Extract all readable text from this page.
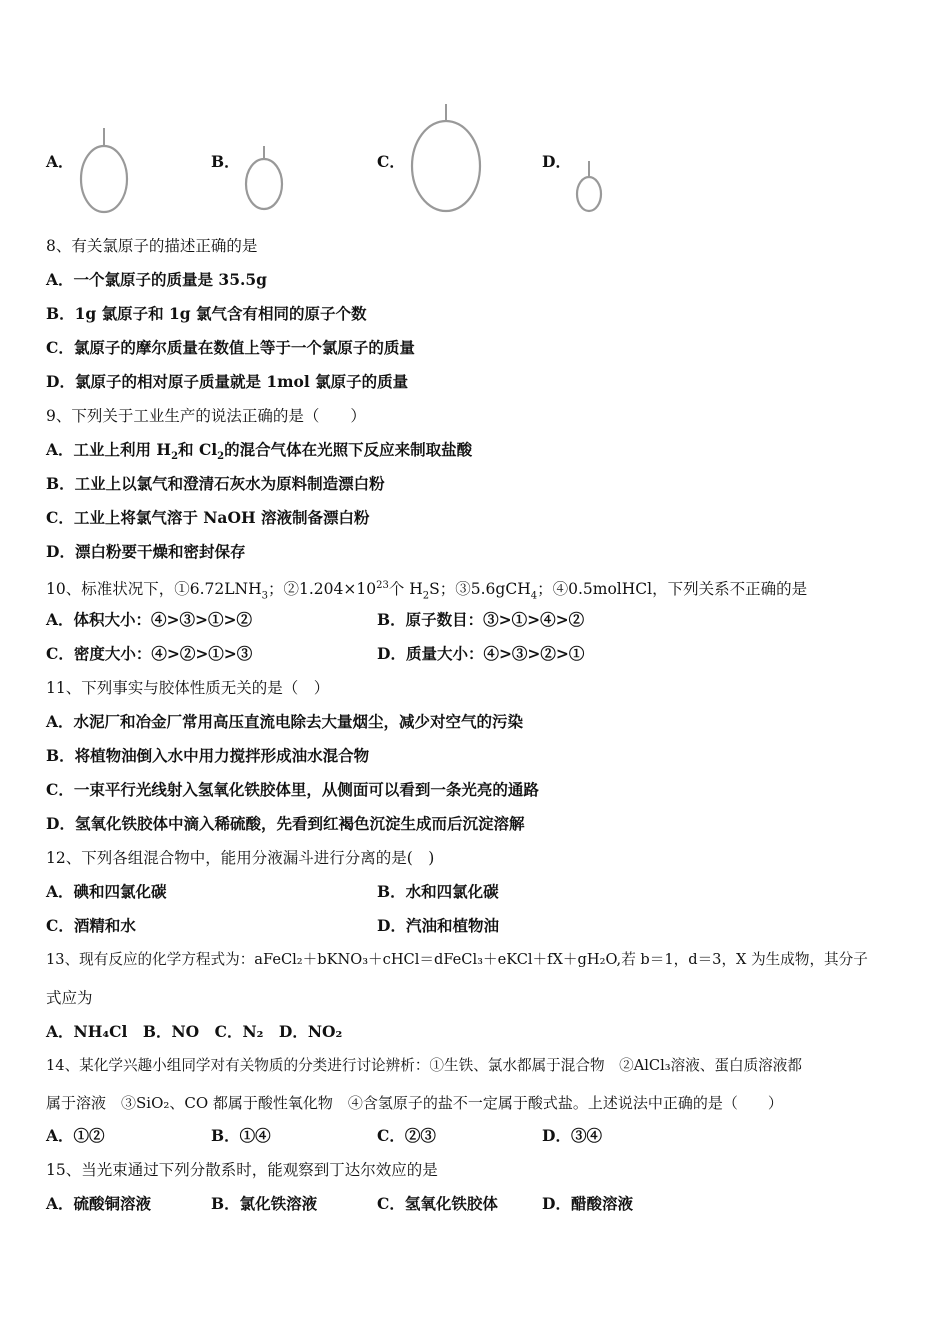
A．	B．	C．	D．
8、有关氯原子的描述正确的是
A．一个氯原子的质量是 35.5g
B．1g 氯原子和 1g 氯气含有相同的原子个数
C．氯原子的摩尔质量在数值上等于一个氯原子的质量
D．氯原子的相对原子质量就是 1mol 氯原子的质量
9、下列关于工业生产的说法正确的是（　　）
A．工业上利用 $H_2$和 $Cl_2$的混合气体在光照下反应来制取盐酸
B．工业上以氯气和澄清石灰水为原料制造漂白粉
C．工业上将氯气溶于 NaOH 溶液制备漂白粉
D．漂白粉要干燥和密封保存
10、标准状况下，$①6.72LNH_3$；$②1.204\times 10^{23}$个 $H_2S$；③5.6gCH$_4$；④0.5molHCl，下列关系不正确的是
A．体积大小：④>③>①>②	B．原子数目：③>①>④>②
C．密度大小：④>②>①>③	D．质量大小：④>③>②>①
11、下列事实与胶体性质无关的是（　）
A．水泥厂和冶金厂常用高压直流电除去大量烟尘，减少对空气的污染
B．将植物油倒入水中用力搅拌形成油水混合物
C．一束平行光线射入氢氧化铁胶体里，从侧面可以看到一条光亮的通路
D．氢氧化铁胶体中滴入稀硫酸，先看到红褐色沉淀生成而后沉淀溶解
12、下列各组混合物中，能用分液漏斗进行分离的是(　)
A．碘和四氯化碳	B．水和四氯化碳
C．酒精和水	D．汽油和植物油
13、现有反应的化学方程式为：aFeCl₂＋bKNO₃＋cHCl＝dFeCl₃＋eKCl＋fX＋gH₂O,若 b＝1，d＝3，X 为生成物，其分子
式应为
A．NH₄Cl　B．NO　C．N₂　D．NO₂
14、某化学兴趣小组同学对有关物质的分类进行讨论辨析：①生铁、氯水都属于混合物　②AlCl₃溶液、蛋白质溶液都
属于溶液　③SiO₂、CO 都属于酸性氧化物　④含氢原子的盐不一定属于酸式盐。上述说法中正确的是（　　）
A．①②	B．①④	C．②③	D．③④
15、当光束通过下列分散系时，能观察到丁达尔效应的是
A．硫酸铜溶液	B．氯化铁溶液	C．氢氧化铁胶体	D．醋酸溶液
